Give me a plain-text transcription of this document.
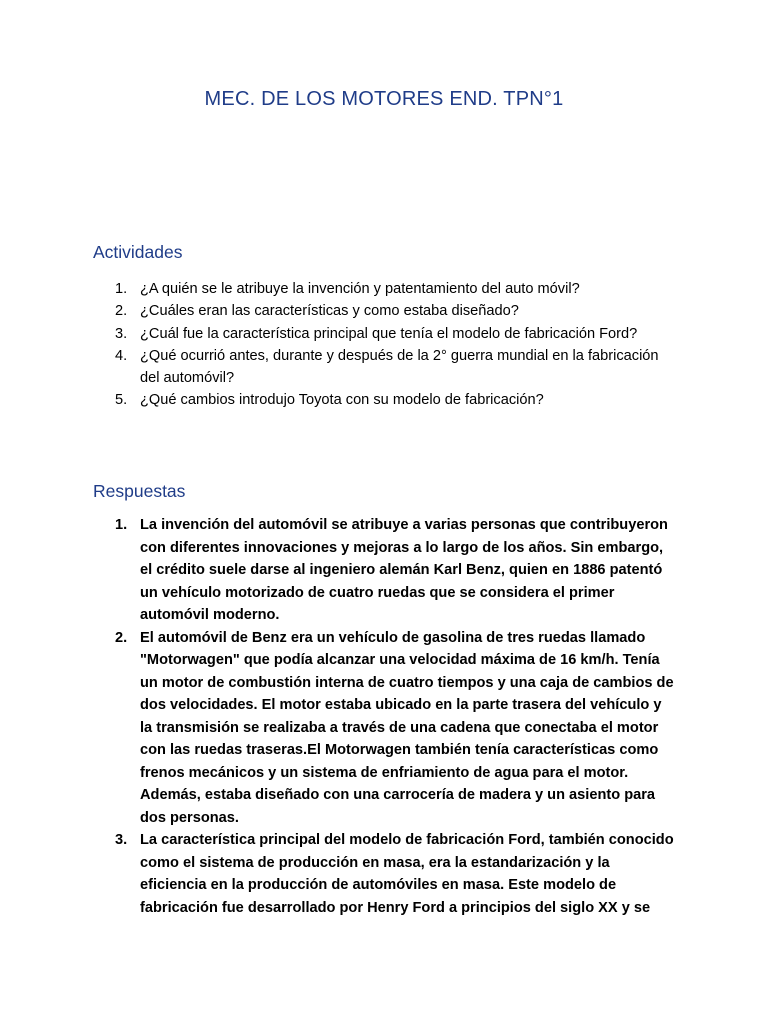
MEC. DE LOS MOTORES END. TPN°1
Actividades
1. ¿A quién se le atribuye la invención y patentamiento del auto móvil?
2. ¿Cuáles eran las características y como estaba diseñado?
3. ¿Cuál fue la característica principal que tenía el modelo de fabricación Ford?
4. ¿Qué ocurrió antes, durante y después de la 2° guerra mundial en la fabricación del automóvil?
5. ¿Qué cambios introdujo Toyota con su modelo de fabricación?
Respuestas
1. La invención del automóvil se atribuye a varias personas que contribuyeron con diferentes innovaciones y mejoras a lo largo de los años. Sin embargo, el crédito suele darse al ingeniero alemán Karl Benz, quien en 1886 patentó un vehículo motorizado de cuatro ruedas que se considera el primer automóvil moderno.
2. El automóvil de Benz era un vehículo de gasolina de tres ruedas llamado "Motorwagen" que podía alcanzar una velocidad máxima de 16 km/h. Tenía un motor de combustión interna de cuatro tiempos y una caja de cambios de dos velocidades. El motor estaba ubicado en la parte trasera del vehículo y la transmisión se realizaba a través de una cadena que conectaba el motor con las ruedas traseras.El Motorwagen también tenía características como frenos mecánicos y un sistema de enfriamiento de agua para el motor. Además, estaba diseñado con una carrocería de madera y un asiento para dos personas.
3. La característica principal del modelo de fabricación Ford, también conocido como el sistema de producción en masa, era la estandarización y la eficiencia en la producción de automóviles en masa. Este modelo de fabricación fue desarrollado por Henry Ford a principios del siglo XX y se
